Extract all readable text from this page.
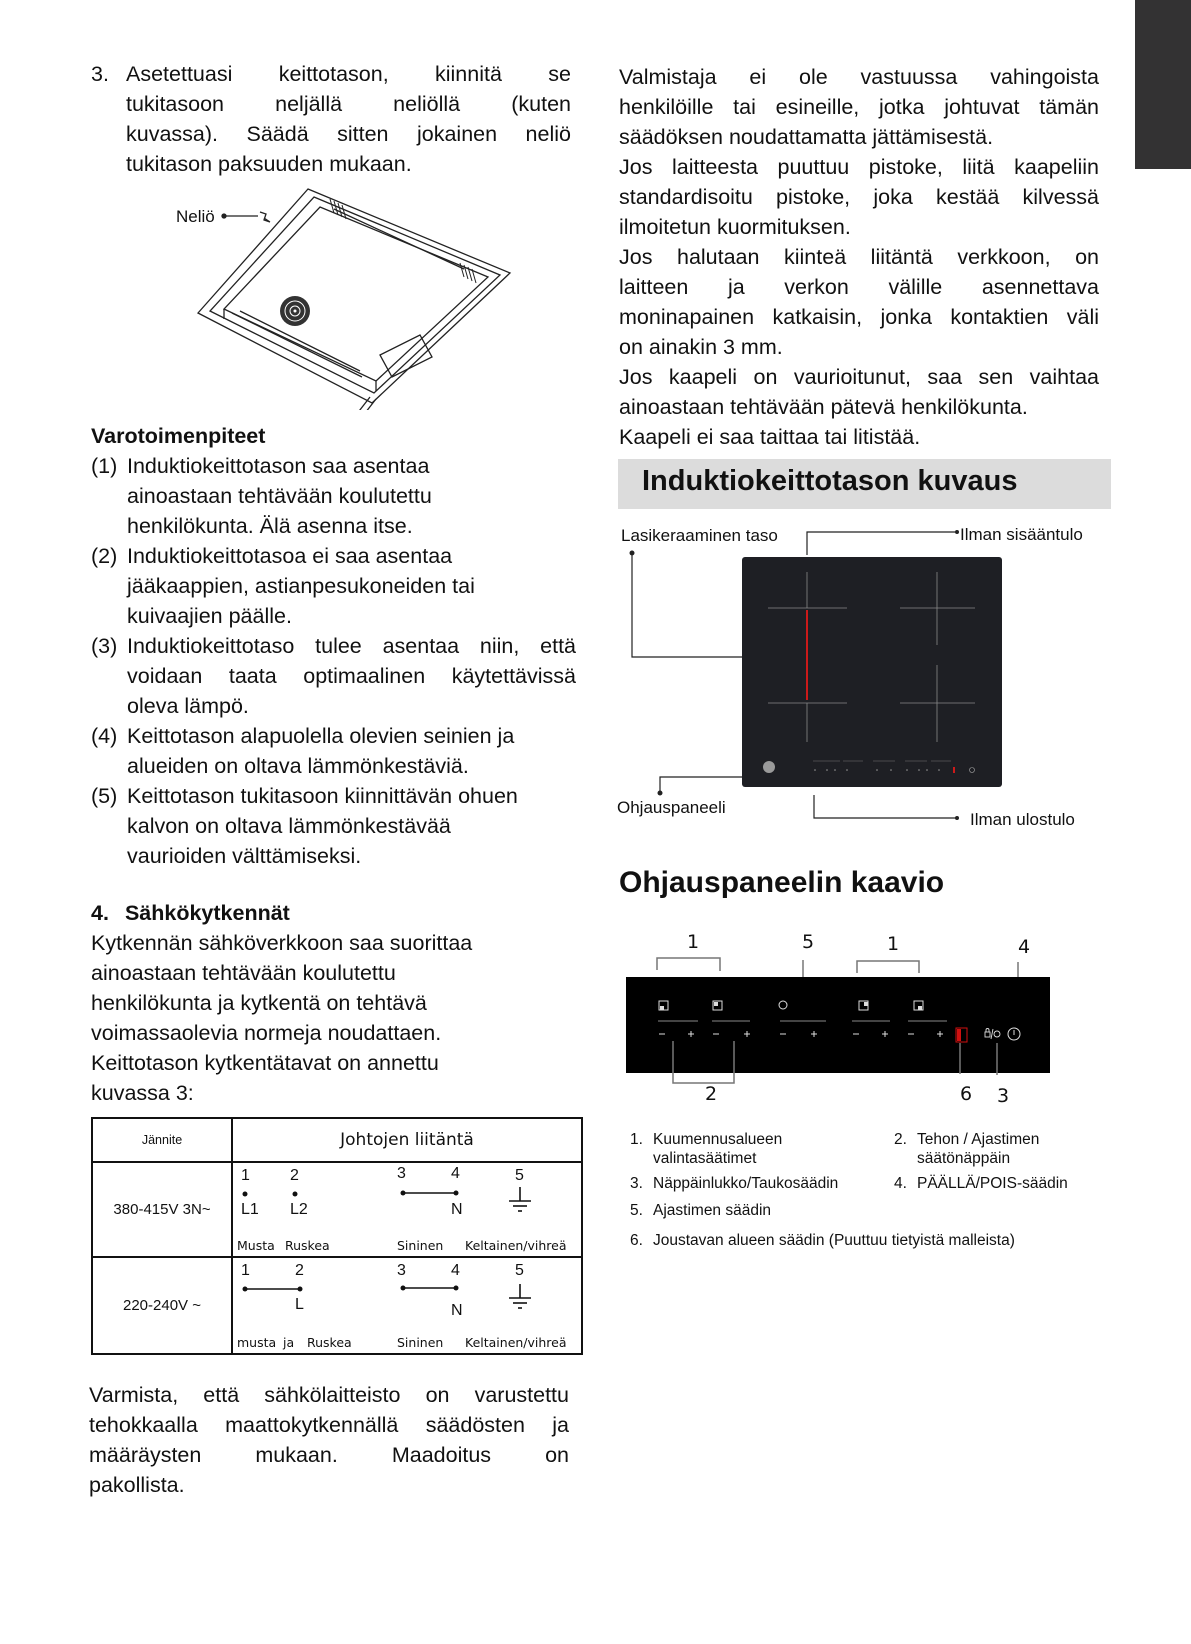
3. Asetettuasi keittotason, kiinnitä se
tukitasoon neljällä neliöllä (kuten
kuvassa). Säädä sitten jokainen neliö
tukitason paksuuden mukaan.
Neliö
Varotoimenpiteet
(1) Induktiokeittotason saa asentaa
ainoastaan tehtävään koulutettu
henkilökunta. Älä asenna itse.
(2) Induktiokeittotasoa ei saa asentaa
jääkaappien, astianpesukoneiden tai
kuivaajien päälle.
(3) Induktiokeittotaso tulee asentaa niin, että
voidaan taata optimaalinen käytettävissä
oleva lämpö.
(4) Keittotason alapuolella olevien seinien ja
alueiden on oltava lämmönkestäviä.
(5) Keittotason tukitasoon kiinnittävän ohuen
kalvon on oltava lämmönkestävää
vaurioiden välttämiseksi.
4. Sähkökytkennät
Kytkennän sähköverkkoon saa suorittaa
ainoastaan tehtävään koulutettu
henkilökunta ja kytkentä on tehtävä
voimassaolevia normeja noudattaen.
Keittotason kytkentätavat on annettu
kuvassa 3:
Jännite	Johtojen liitäntä
380-415V 3N~	
1	2	3	4	5
L1 L2	N
Musta Ruskea	Sininen Keltainen/vihreä

220-240V ~	
1	2	3	4	5
L	N
musta ja Ruskea	Sininen Keltainen/vihreä
Varmista, että sähkölaitteisto on varustettu
tehokkaalla maattokytkennällä säädösten ja
määräysten mukaan. Maadoitus on
pakollista.
Valmistaja ei ole vastuussa vahingoista
henkilöille tai esineille, jotka johtuvat tämän
säädöksen noudattamatta jättämisestä.
Jos laitteesta puuttuu pistoke, liitä kaapeliin
standardisoitu pistoke, joka kestää kilvessä
ilmoitetun kuormituksen.
Jos halutaan kiinteä liitäntä verkkoon, on
laitteen ja verkon välille asennettava
moninapainen katkaisin, jonka kontaktien väli
on ainakin 3 mm.
Jos kaapeli on vaurioitunut, saa sen vaihtaa
ainoastaan tehtävään pätevä henkilökunta.
Kaapeli ei saa taittaa tai litistää.
Induktiokeittotason kuvaus
Lasikeraaminen taso	Ilman sisääntulo
Ohjauspaneeli
Ilman ulostulo
Ohjauspaneelin kaavio
1	5	1	4
2	6 3
1. Kuumennusalueen
valintasäätimet
2. Tehon / Ajastimen
säätönäppäin
3. Näppäinlukko/Taukosäädin	4. PÄÄLLÄ/POIS-säädin
5. Ajastimen säädin
6. Joustavan alueen säädin (Puuttuu tietyistä malleista)
